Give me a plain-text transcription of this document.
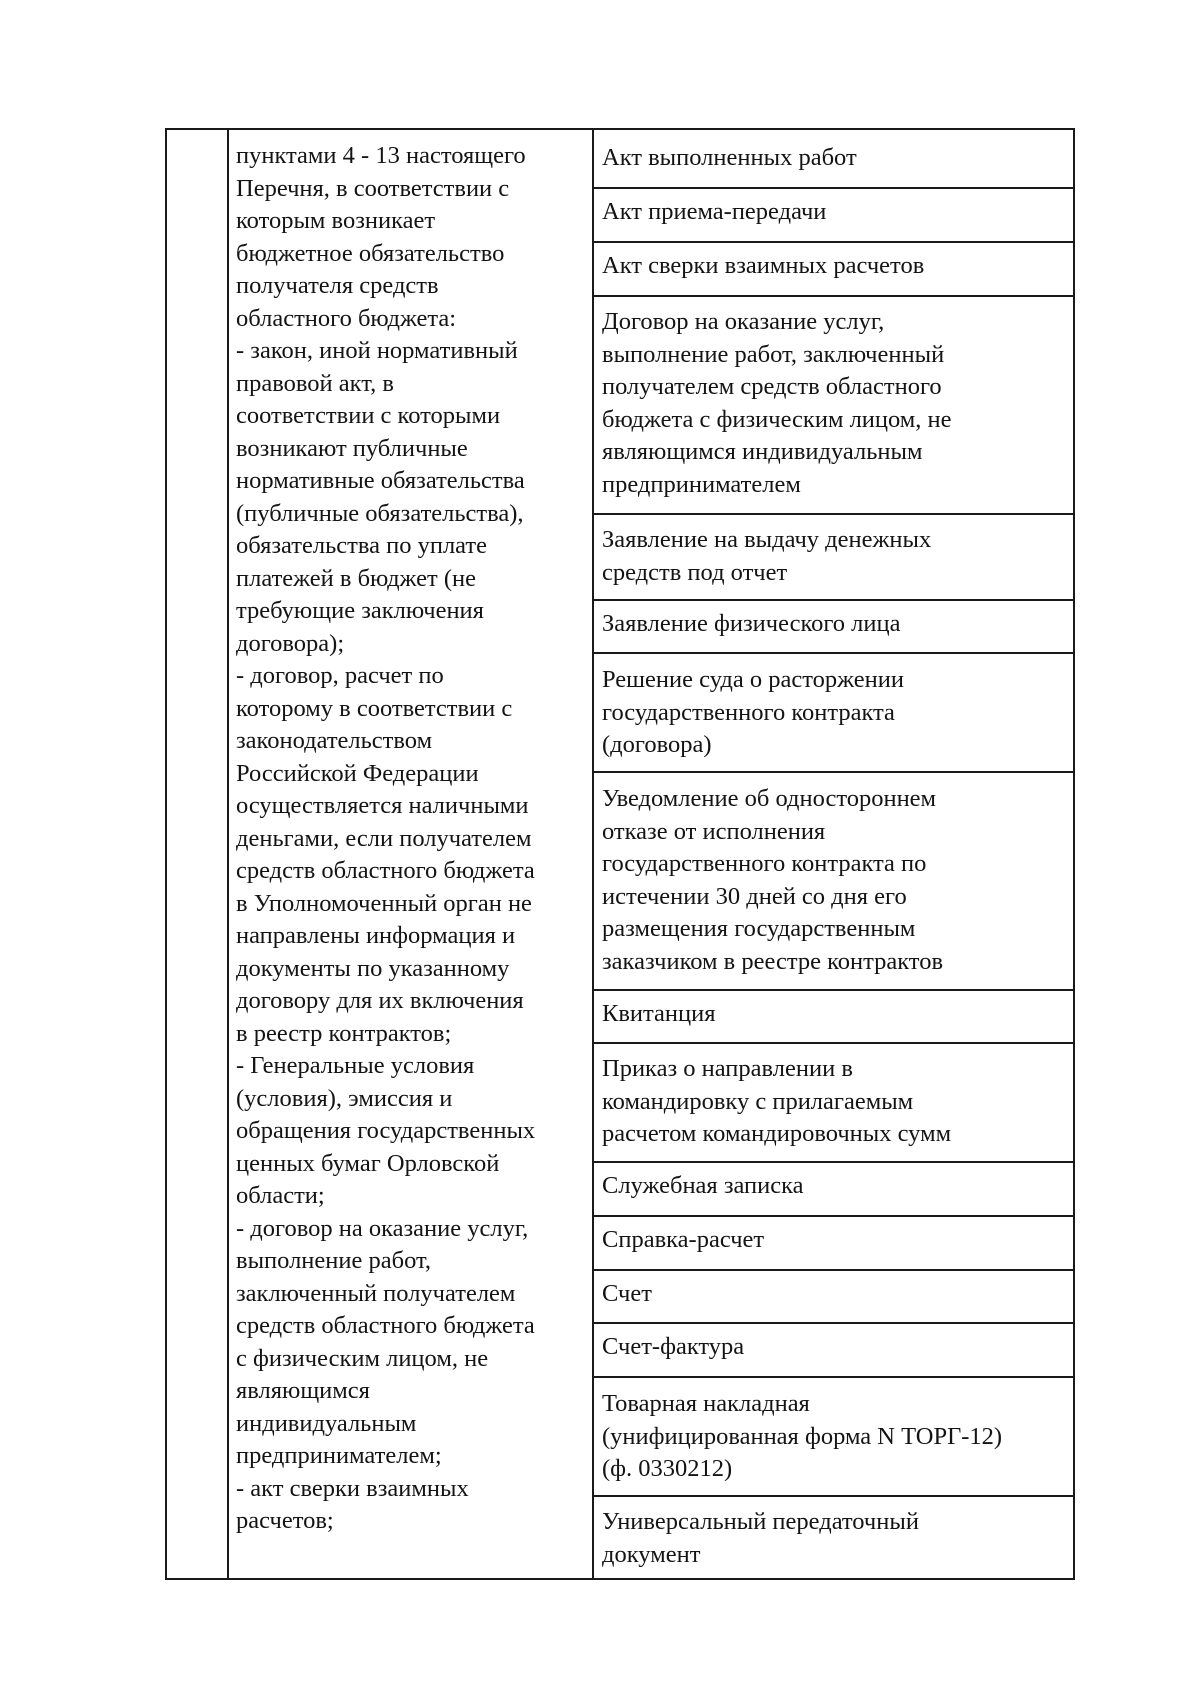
пунктами 4 - 13 настоящего
Перечня, в соответствии с
которым возникает
бюджетное обязательство
получателя средств
областного бюджета:
- закон, иной нормативный
правовой акт, в
соответствии с которыми
возникают публичные
нормативные обязательства
(публичные обязательства),
обязательства по уплате
платежей в бюджет (не
требующие заключения
договора);
- договор, расчет по
которому в соответствии с
законодательством
Российской Федерации
осуществляется наличными
деньгами, если получателем
средств областного бюджета
в Уполномоченный орган не
направлены информация и
документы по указанному
договору для их включения
в реестр контрактов;
- Генеральные условия
(условия), эмиссия и
обращения государственных
ценных бумаг Орловской
области;
- договор на оказание услуг,
выполнение работ,
заключенный получателем
средств областного бюджета
с физическим лицом, не
являющимся
индивидуальным
предпринимателем;
- акт сверки взаимных
расчетов;
Акт выполненных работ
Акт приема-передачи
Акт сверки взаимных расчетов
Договор на оказание услуг,
выполнение работ, заключенный
получателем средств областного
бюджета с физическим лицом, не
являющимся индивидуальным
предпринимателем
Заявление на выдачу денежных
средств под отчет
Заявление физического лица
Решение суда о расторжении
государственного контракта
(договора)
Уведомление об одностороннем
отказе от исполнения
государственного контракта по
истечении 30 дней со дня его
размещения государственным
заказчиком в реестре контрактов
Квитанция
Приказ о направлении в
командировку с прилагаемым
расчетом командировочных сумм
Служебная записка
Справка-расчет
Счет
Счет-фактура
Товарная накладная
(унифицированная форма N ТОРГ-12)
(ф. 0330212)
Универсальный передаточный
документ
